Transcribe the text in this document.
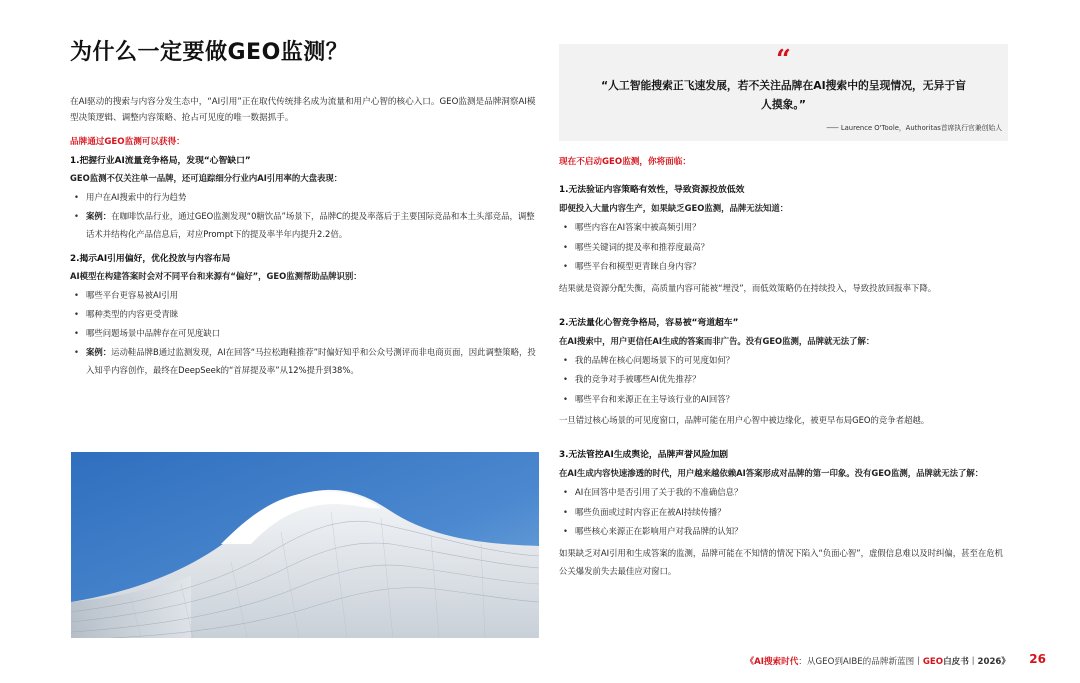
为什么一定要做GEO监测？

在AI驱动的搜索与内容分发生态中，“AI引用”正在取代传统排名成为流量和用户心智的核心入口。GEO监测是品牌洞察AI模型决策逻辑、调整内容策略、抢占可见度的唯一数据抓手。

品牌通过GEO监测可以获得：
1.把握行业AI流量竞争格局，发现“心智缺口”
GEO监测不仅关注单一品牌，还可追踪细分行业内AI引用率的大盘表现：
• 用户在AI搜索中的行为趋势
• 案例：在咖啡饮品行业，通过GEO监测发现“0糖饮品”场景下，品牌C的提及率落后于主要国际竞品和本土头部竞品，调整话术并结构化产品信息后，对应Prompt下的提及率半年内提升2.2倍。
2.揭示AI引用偏好，优化投放与内容布局
AI模型在构建答案时会对不同平台和来源有“偏好”，GEO监测帮助品牌识别：
• 哪些平台更容易被AI引用
• 哪种类型的内容更受青睐
• 哪些问题场景中品牌存在可见度缺口
• 案例：运动鞋品牌B通过监测发现，AI在回答“马拉松跑鞋推荐”时偏好知乎和公众号测评而非电商页面，因此调整策略，投入知乎内容创作，最终在DeepSeek的“首屏提及率”从12%提升到38%。
“
“人工智能搜索正飞速发展，若不关注品牌在AI搜索中的呈现情况，无异于盲人摸象。”
—— Laurence O'Toole，Authoritas首席执行官兼创始人
现在不启动GEO监测，你将面临：
1.无法验证内容策略有效性，导致资源投放低效
即便投入大量内容生产，如果缺乏GEO监测，品牌无法知道：
• 哪些内容在AI答案中被高频引用？
• 哪些关键词的提及率和推荐度最高？
• 哪些平台和模型更青睐自身内容？

结果就是资源分配失衡，高质量内容可能被“埋没”，而低效策略仍在持续投入，导致投放回报率下降。

2.无法量化心智竞争格局，容易被“弯道超车”
在AI搜索中，用户更信任AI生成的答案而非广告。没有GEO监测，品牌就无法了解：
• 我的品牌在核心问题场景下的可见度如何？
• 我的竞争对手被哪些AI优先推荐？
• 哪些平台和来源正在主导该行业的AI回答？

一旦错过核心场景的可见度窗口，品牌可能在用户心智中被边缘化，被更早布局GEO的竞争者超越。

3.无法管控AI生成舆论，品牌声誉风险加剧
在AI生成内容快速渗透的时代，用户越来越依赖AI答案形成对品牌的第一印象。没有GEO监测，品牌就无法了解：
• AI在回答中是否引用了关于我的不准确信息？
• 哪些负面或过时内容正在被AI持续传播？
• 哪些核心来源正在影响用户对我品牌的认知？

如果缺乏对AI引用和生成答案的监测，品牌可能在不知情的情况下陷入“负面心智”，虚假信息难以及时纠偏，甚至在危机公关爆发前失去最佳应对窗口。

《AI搜索时代：从GEO到AIBE的品牌新蓝图丨GEO白皮书丨2026》 26
